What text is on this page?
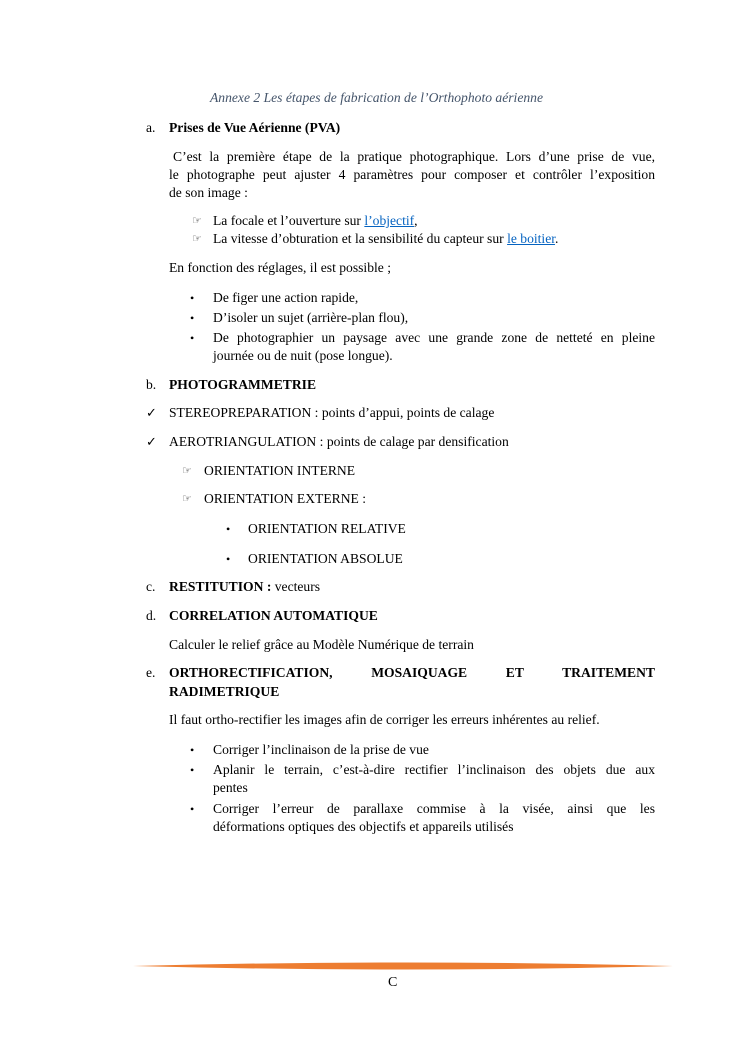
Annexe 2 Les étapes de fabrication de l’Orthophoto aérienne
a. Prises de Vue Aérienne (PVA)
C’est la première étape de la pratique photographique. Lors d’une prise de vue,
le photographe peut ajuster 4 paramètres pour composer et contrôler l’exposition
de son image :
☞ La focale et l’ouverture sur l’objectif,
☞ La vitesse d’obturation et la sensibilité du capteur sur le boitier.
En fonction des réglages, il est possible ;
• De figer une action rapide,
• D’isoler un sujet (arrière-plan flou),
• De photographier un paysage avec une grande zone de netteté en pleine
journée ou de nuit (pose longue).
b. PHOTOGRAMMETRIE
✓ STEREOPREPARATION : points d’appui, points de calage
✓ AEROTRIANGULATION : points de calage par densification
☞ ORIENTATION INTERNE
☞ ORIENTATION EXTERNE :
• ORIENTATION RELATIVE
• ORIENTATION ABSOLUE
c. RESTITUTION : vecteurs
d. CORRELATION AUTOMATIQUE
Calculer le relief grâce au Modèle Numérique de terrain
e. ORTHORECTIFICATION, MOSAIQUAGE ET TRAITEMENT
RADIMETRIQUE
Il faut ortho-rectifier les images afin de corriger les erreurs inhérentes au relief.
• Corriger l’inclinaison de la prise de vue
• Aplanir le terrain, c’est-à-dire rectifier l’inclinaison des objets due aux
pentes
• Corriger l’erreur de parallaxe commise à la visée, ainsi que les
déformations optiques des objectifs et appareils utilisés
C
